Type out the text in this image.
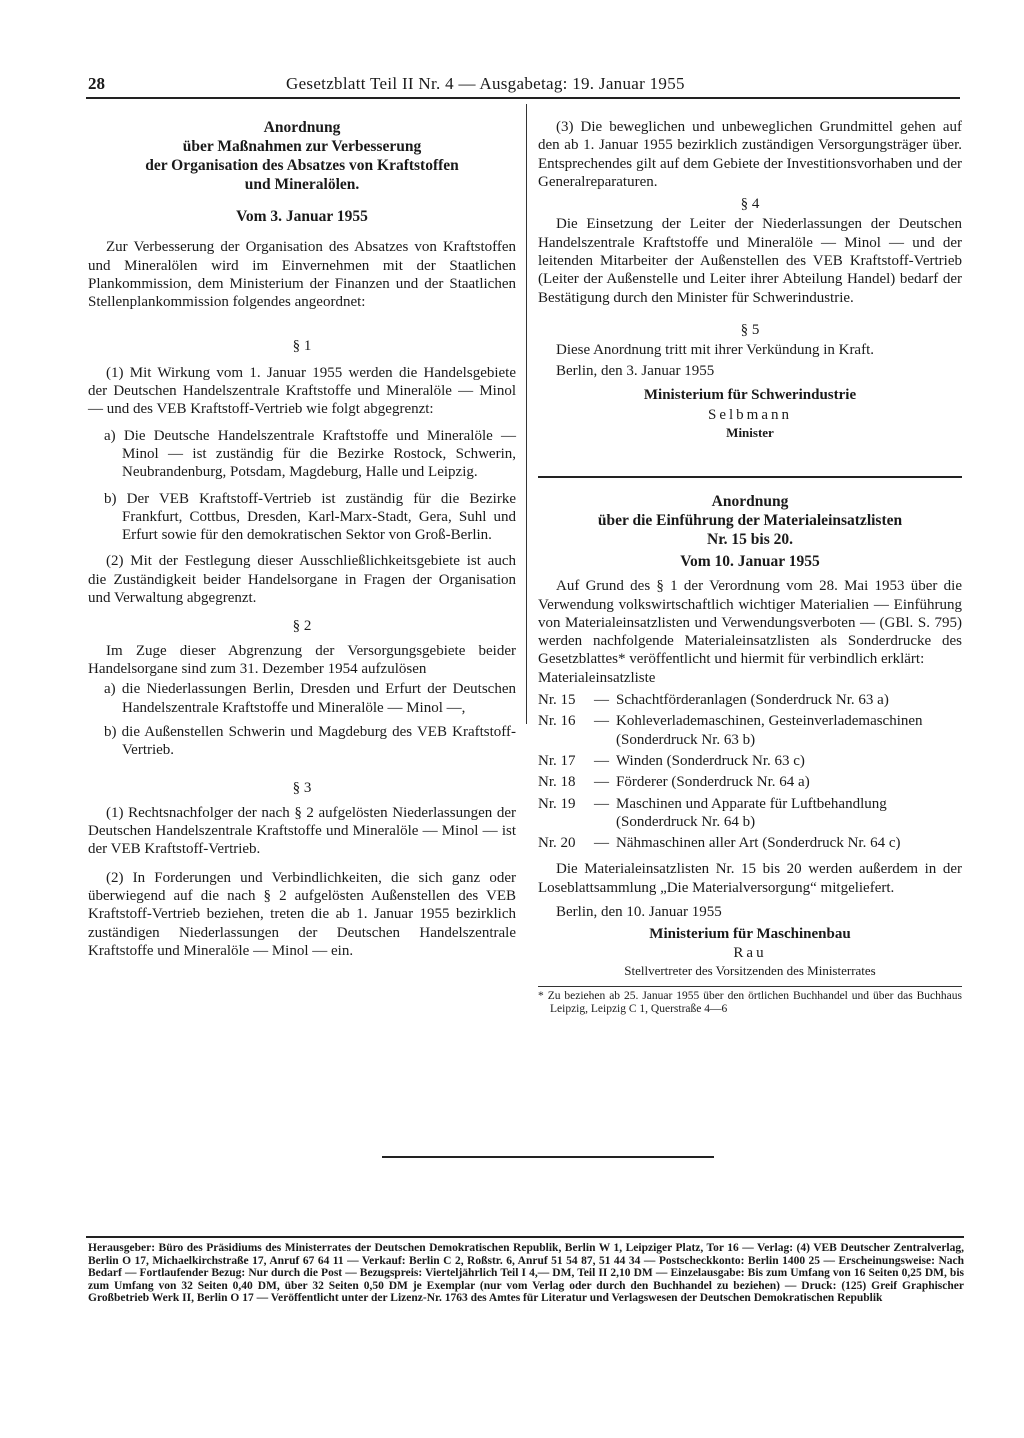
28	Gesetzblatt Teil II Nr. 4 — Ausgabetag: 19. Januar 1955
Anordnung
über Maßnahmen zur Verbesserung
der Organisation des Absatzes von Kraftstoffen
und Mineralölen.
Vom 3. Januar 1955

Zur Verbesserung der Organisation des Absatzes von Kraftstoffen und Mineralölen wird im Einvernehmen mit der Staatlichen Plankommission, dem Ministerium der Finanzen und der Staatlichen Stellenplankommission folgendes angeordnet:

§ 1

(1) Mit Wirkung vom 1. Januar 1955 werden die Handelsgebiete der Deutschen Handelszentrale Kraftstoffe und Mineralöle — Minol — und des VEB Kraftstoff-Vertrieb wie folgt abgegrenzt:

a) Die Deutsche Handelszentrale Kraftstoffe und Mineralöle — Minol — ist zuständig für die Bezirke Rostock, Schwerin, Neubrandenburg, Potsdam, Magdeburg, Halle und Leipzig.

b) Der VEB Kraftstoff-Vertrieb ist zuständig für die Bezirke Frankfurt, Cottbus, Dresden, Karl-Marx-Stadt, Gera, Suhl und Erfurt sowie für den demokratischen Sektor von Groß-Berlin.

(2) Mit der Festlegung dieser Ausschließlichkeitsgebiete ist auch die Zuständigkeit beider Handelsorgane in Fragen der Organisation und Verwaltung abgegrenzt.

§ 2

Im Zuge dieser Abgrenzung der Versorgungsgebiete beider Handelsorgane sind zum 31. Dezember 1954 aufzulösen

a) die Niederlassungen Berlin, Dresden und Erfurt der Deutschen Handelszentrale Kraftstoffe und Mineralöle — Minol —,

b) die Außenstellen Schwerin und Magdeburg des VEB Kraftstoff-Vertrieb.

§ 3

(1) Rechtsnachfolger der nach § 2 aufgelösten Niederlassungen der Deutschen Handelszentrale Kraftstoffe und Mineralöle — Minol — ist der VEB Kraftstoff-Vertrieb.

(2) In Forderungen und Verbindlichkeiten, die sich ganz oder überwiegend auf die nach § 2 aufgelösten Außenstellen des VEB Kraftstoff-Vertrieb beziehen, treten die ab 1. Januar 1955 bezirklich zuständigen Niederlassungen der Deutschen Handelszentrale Kraftstoffe und Mineralöle — Minol — ein.

(3) Die beweglichen und unbeweglichen Grundmittel gehen auf den ab 1. Januar 1955 bezirklich zuständigen Versorgungsträger über. Entsprechendes gilt auf dem Gebiete der Investitionsvorhaben und der Generalreparaturen.

§ 4

Die Einsetzung der Leiter der Niederlassungen der Deutschen Handelszentrale Kraftstoffe und Mineralöle — Minol — und der leitenden Mitarbeiter der Außenstellen des VEB Kraftstoff-Vertrieb (Leiter der Außenstelle und Leiter ihrer Abteilung Handel) bedarf der Bestätigung durch den Minister für Schwerindustrie.

§ 5

Diese Anordnung tritt mit ihrer Verkündung in Kraft.

Berlin, den 3. Januar 1955

Ministerium für Schwerindustrie
Selbmann
Minister
Anordnung
über die Einführung der Materialeinsatzlisten
Nr. 15 bis 20.
Vom 10. Januar 1955

Auf Grund des § 1 der Verordnung vom 28. Mai 1953 über die Verwendung volkswirtschaftlich wichtiger Materialien — Einführung von Materialeinsatzlisten und Verwendungsverboten — (GBl. S. 795) werden nachfolgende Materialeinsatzlisten als Sonderdrucke des Gesetzblattes* veröffentlicht und hiermit für verbindlich erklärt:

Materialeinsatzliste
Nr. 15	— Schachtförderanlagen (Sonderdruck Nr. 63 a)
Nr. 16	— Kohleverlademaschinen, Gesteinverlademaschinen (Sonderdruck Nr. 63 b)
Nr. 17	— Winden (Sonderdruck Nr. 63 c)
Nr. 18	— Förderer (Sonderdruck Nr. 64 a)
Nr. 19	— Maschinen und Apparate für Luftbehandlung (Sonderdruck Nr. 64 b)
Nr. 20	— Nähmaschinen aller Art (Sonderdruck Nr. 64 c)

Die Materialeinsatzlisten Nr. 15 bis 20 werden außerdem in der Loseblattsammlung „Die Materialversorgung“ mitgeliefert.

Berlin, den 10. Januar 1955

Ministerium für Maschinenbau
Rau
Stellvertreter des Vorsitzenden des Ministerrates

* Zu beziehen ab 25. Januar 1955 über den örtlichen Buchhandel und über das Buchhaus Leipzig, Leipzig C 1, Querstraße 4—6

Herausgeber: Büro des Präsidiums des Ministerrates der Deutschen Demokratischen Republik, Berlin W 1, Leipziger Platz, Tor 16 — Verlag: (4) VEB Deutscher Zentralverlag, Berlin O 17, Michaelkirchstraße 17, Anruf 67 64 11 — Verkauf: Berlin C 2, Roßstr. 6, Anruf 51 54 87, 51 44 34 — Postscheckkonto: Berlin 1400 25 — Erscheinungsweise: Nach Bedarf — Fortlaufender Bezug: Nur durch die Post — Bezugspreis: Vierteljährlich Teil I 4,— DM, Teil II 2,10 DM — Einzelausgabe: Bis zum Umfang von 16 Seiten 0,25 DM, bis zum Umfang von 32 Seiten 0,40 DM, über 32 Seiten 0,50 DM je Exemplar (nur vom Verlag oder durch den Buchhandel zu beziehen) — Druck: (125) Greif Graphischer Großbetrieb Werk II, Berlin O 17 — Veröffentlicht unter der Lizenz-Nr. 1763 des Amtes für Literatur und Verlagswesen der Deutschen Demokratischen Republik
